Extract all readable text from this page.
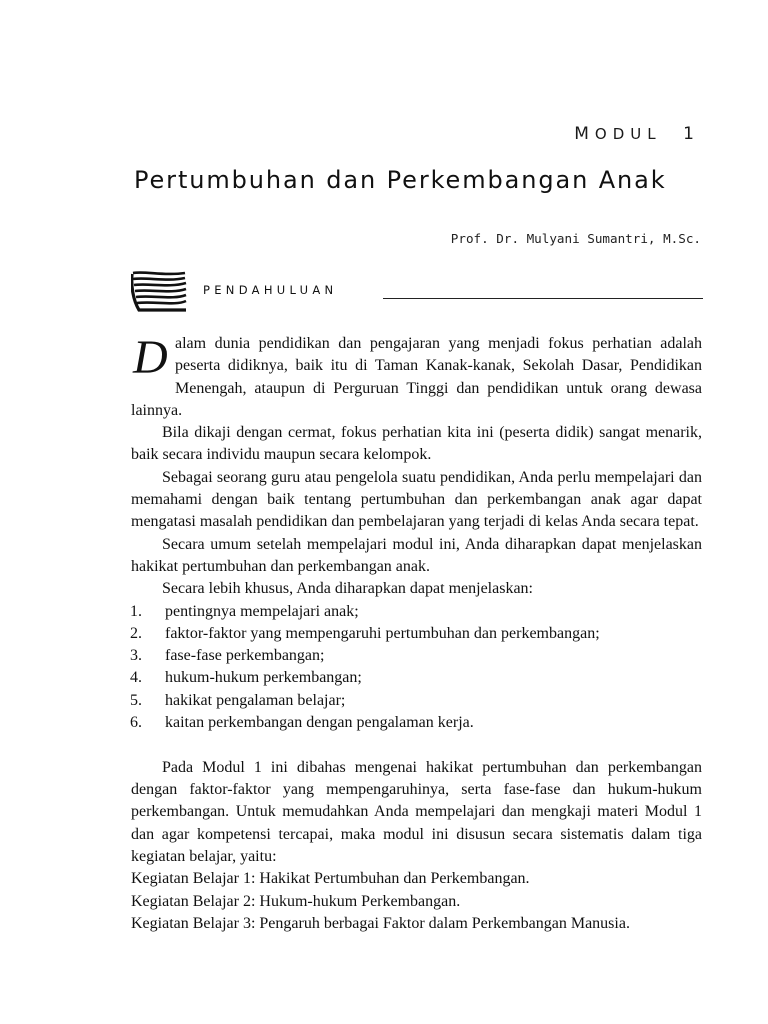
MODUL 1
Pertumbuhan dan Perkembangan Anak
Prof. Dr. Mulyani Sumantri, M.Sc.
PENDAHULUAN
D alam dunia pendidikan dan pengajaran yang menjadi fokus perhatian adalah peserta didiknya, baik itu di Taman Kanak-kanak, Sekolah Dasar, Pendidikan Menengah, ataupun di Perguruan Tinggi dan pendidikan untuk orang dewasa lainnya.

Bila dikaji dengan cermat, fokus perhatian kita ini (peserta didik) sangat menarik, baik secara individu maupun secara kelompok.

Sebagai seorang guru atau pengelola suatu pendidikan, Anda perlu mempelajari dan memahami dengan baik tentang pertumbuhan dan perkembangan anak agar dapat mengatasi masalah pendidikan dan pembelajaran yang terjadi di kelas Anda secara tepat.

Secara umum setelah mempelajari modul ini, Anda diharapkan dapat menjelaskan hakikat pertumbuhan dan perkembangan anak.

Secara lebih khusus, Anda diharapkan dapat menjelaskan:

1. pentingnya mempelajari anak;
2. faktor-faktor yang mempengaruhi pertumbuhan dan perkembangan;
3. fase-fase perkembangan;
4. hukum-hukum perkembangan;
5. hakikat pengalaman belajar;
6. kaitan perkembangan dengan pengalaman kerja.

Pada Modul 1 ini dibahas mengenai hakikat pertumbuhan dan perkembangan dengan faktor-faktor yang mempengaruhinya, serta fase-fase dan hukum-hukum perkembangan. Untuk memudahkan Anda mempelajari dan mengkaji materi Modul 1 dan agar kompetensi tercapai, maka modul ini disusun secara sistematis dalam tiga kegiatan belajar, yaitu:

Kegiatan Belajar 1: Hakikat Pertumbuhan dan Perkembangan.

Kegiatan Belajar 2: Hukum-hukum Perkembangan.

Kegiatan Belajar 3: Pengaruh berbagai Faktor dalam Perkembangan Manusia.
